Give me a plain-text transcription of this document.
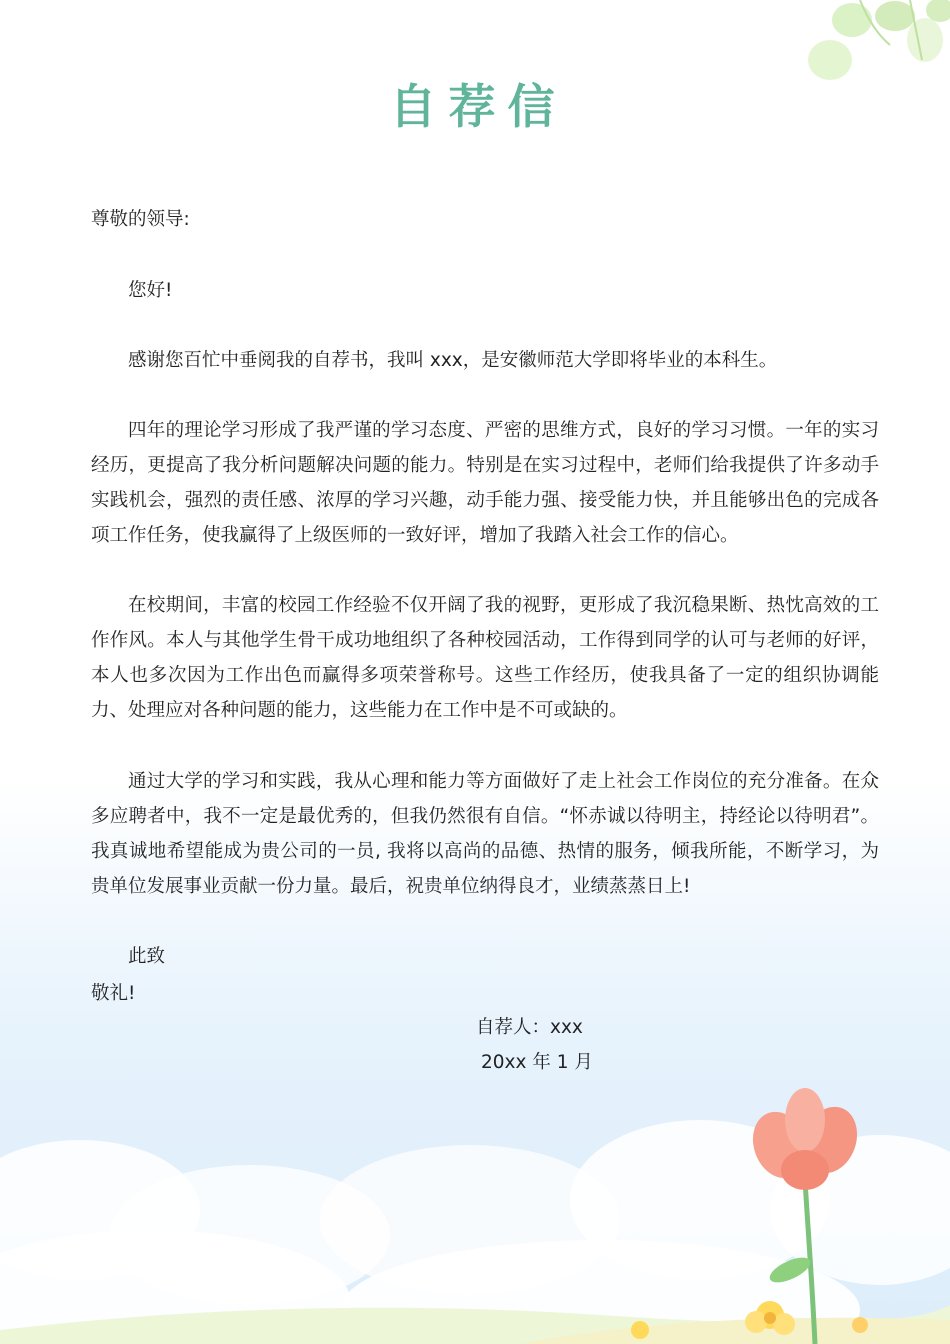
自荐信
尊敬的领导:
您好!
感谢您百忙中垂阅我的自荐书，我叫 xxx，是安徽师范大学即将毕业的本科生。
四年的理论学习形成了我严谨的学习态度、严密的思维方式，良好的学习习惯。一年的实习经历，更提高了我分析问题解决问题的能力。特别是在实习过程中，老师们给我提供了许多动手实践机会，强烈的责任感、浓厚的学习兴趣，动手能力强、接受能力快，并且能够出色的完成各项工作任务，使我赢得了上级医师的一致好评，增加了我踏入社会工作的信心。
在校期间，丰富的校园工作经验不仅开阔了我的视野，更形成了我沉稳果断、热忱高效的工作作风。本人与其他学生骨干成功地组织了各种校园活动，工作得到同学的认可与老师的好评，本人也多次因为工作出色而赢得多项荣誉称号。这些工作经历，使我具备了一定的组织协调能力、处理应对各种问题的能力，这些能力在工作中是不可或缺的。
通过大学的学习和实践，我从心理和能力等方面做好了走上社会工作岗位的充分准备。在众多应聘者中，我不一定是最优秀的，但我仍然很有自信。“怀赤诚以待明主，持经论以待明君”。我真诚地希望能成为贵公司的一员, 我将以高尚的品德、热情的服务，倾我所能，不断学习，为贵单位发展事业贡献一份力量。最后，祝贵单位纳得良才，业绩蒸蒸日上!
此致
敬礼!
自荐人：xxx
20xx 年 1 月
